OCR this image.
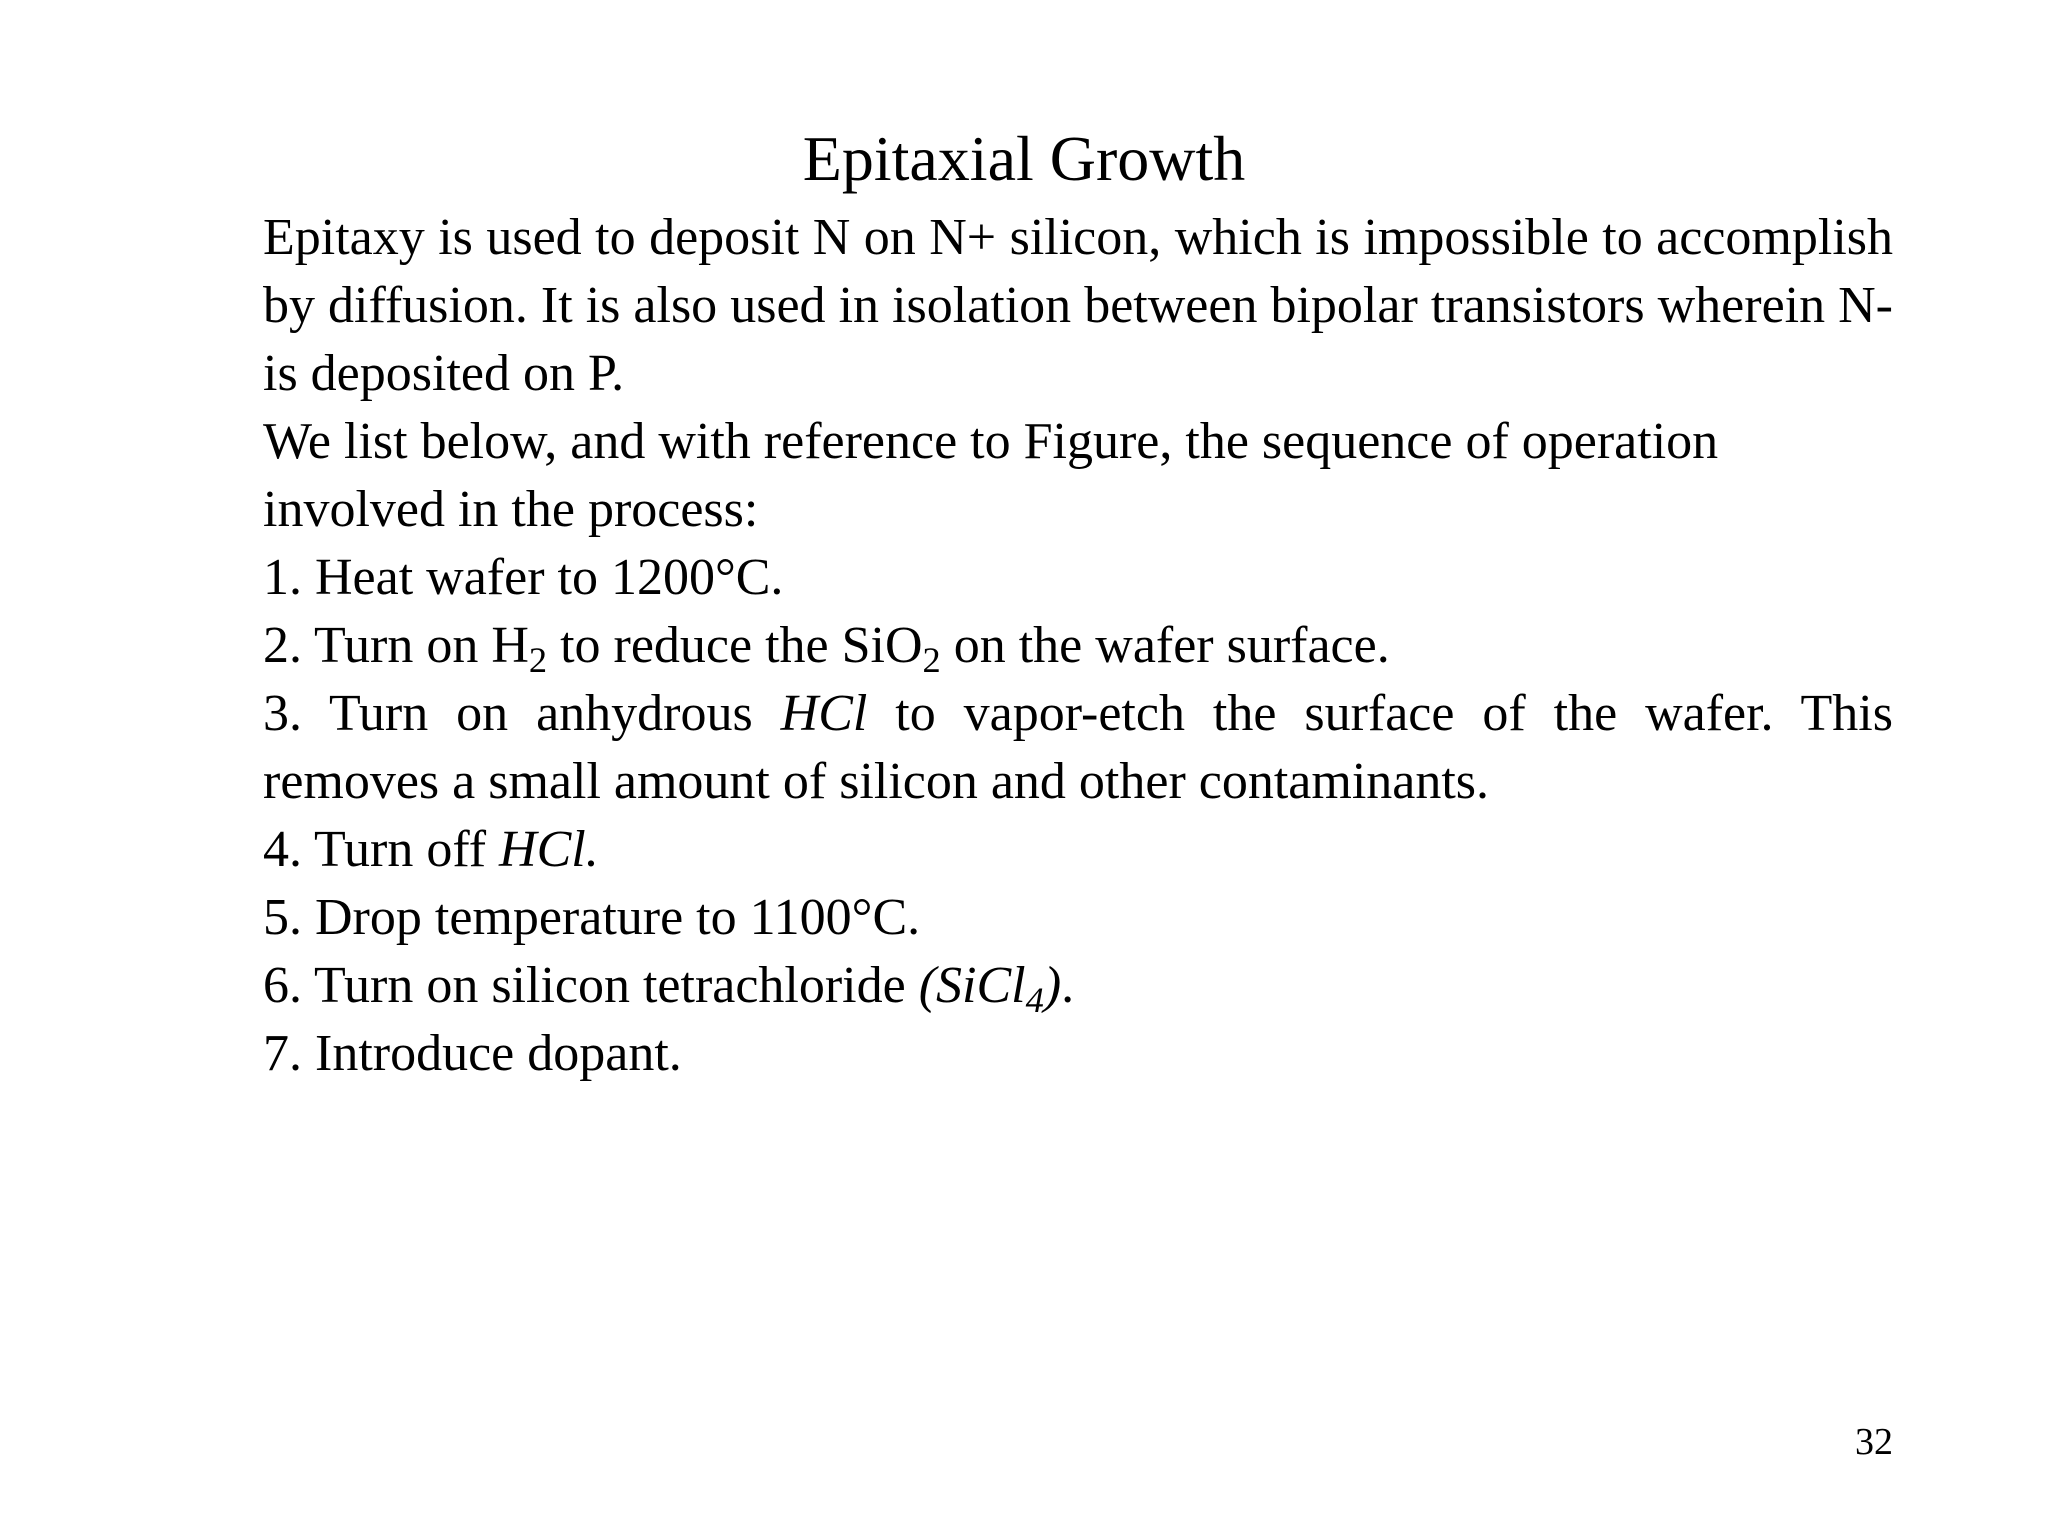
Epitaxial Growth

Epitaxy is used to deposit N on N+ silicon, which is impossible to accomplish by diffusion. It is also used in isolation between bipolar transistors wherein N- is deposited on P.

We list below, and with reference to Figure, the sequence of operation involved in the process:

1. Heat wafer to 1200°C.

2. Turn on $H_2$ to reduce the SiO$_2$ on the wafer surface.

3. Turn on anhydrous HCl to vapor-etch the surface of the wafer. This removes a small amount of silicon and other contaminants.

4. Turn off HCl.

5. Drop temperature to 1100°C.

6. Turn on silicon tetrachloride (SiCl$_4$).

7. Introduce dopant.

32
